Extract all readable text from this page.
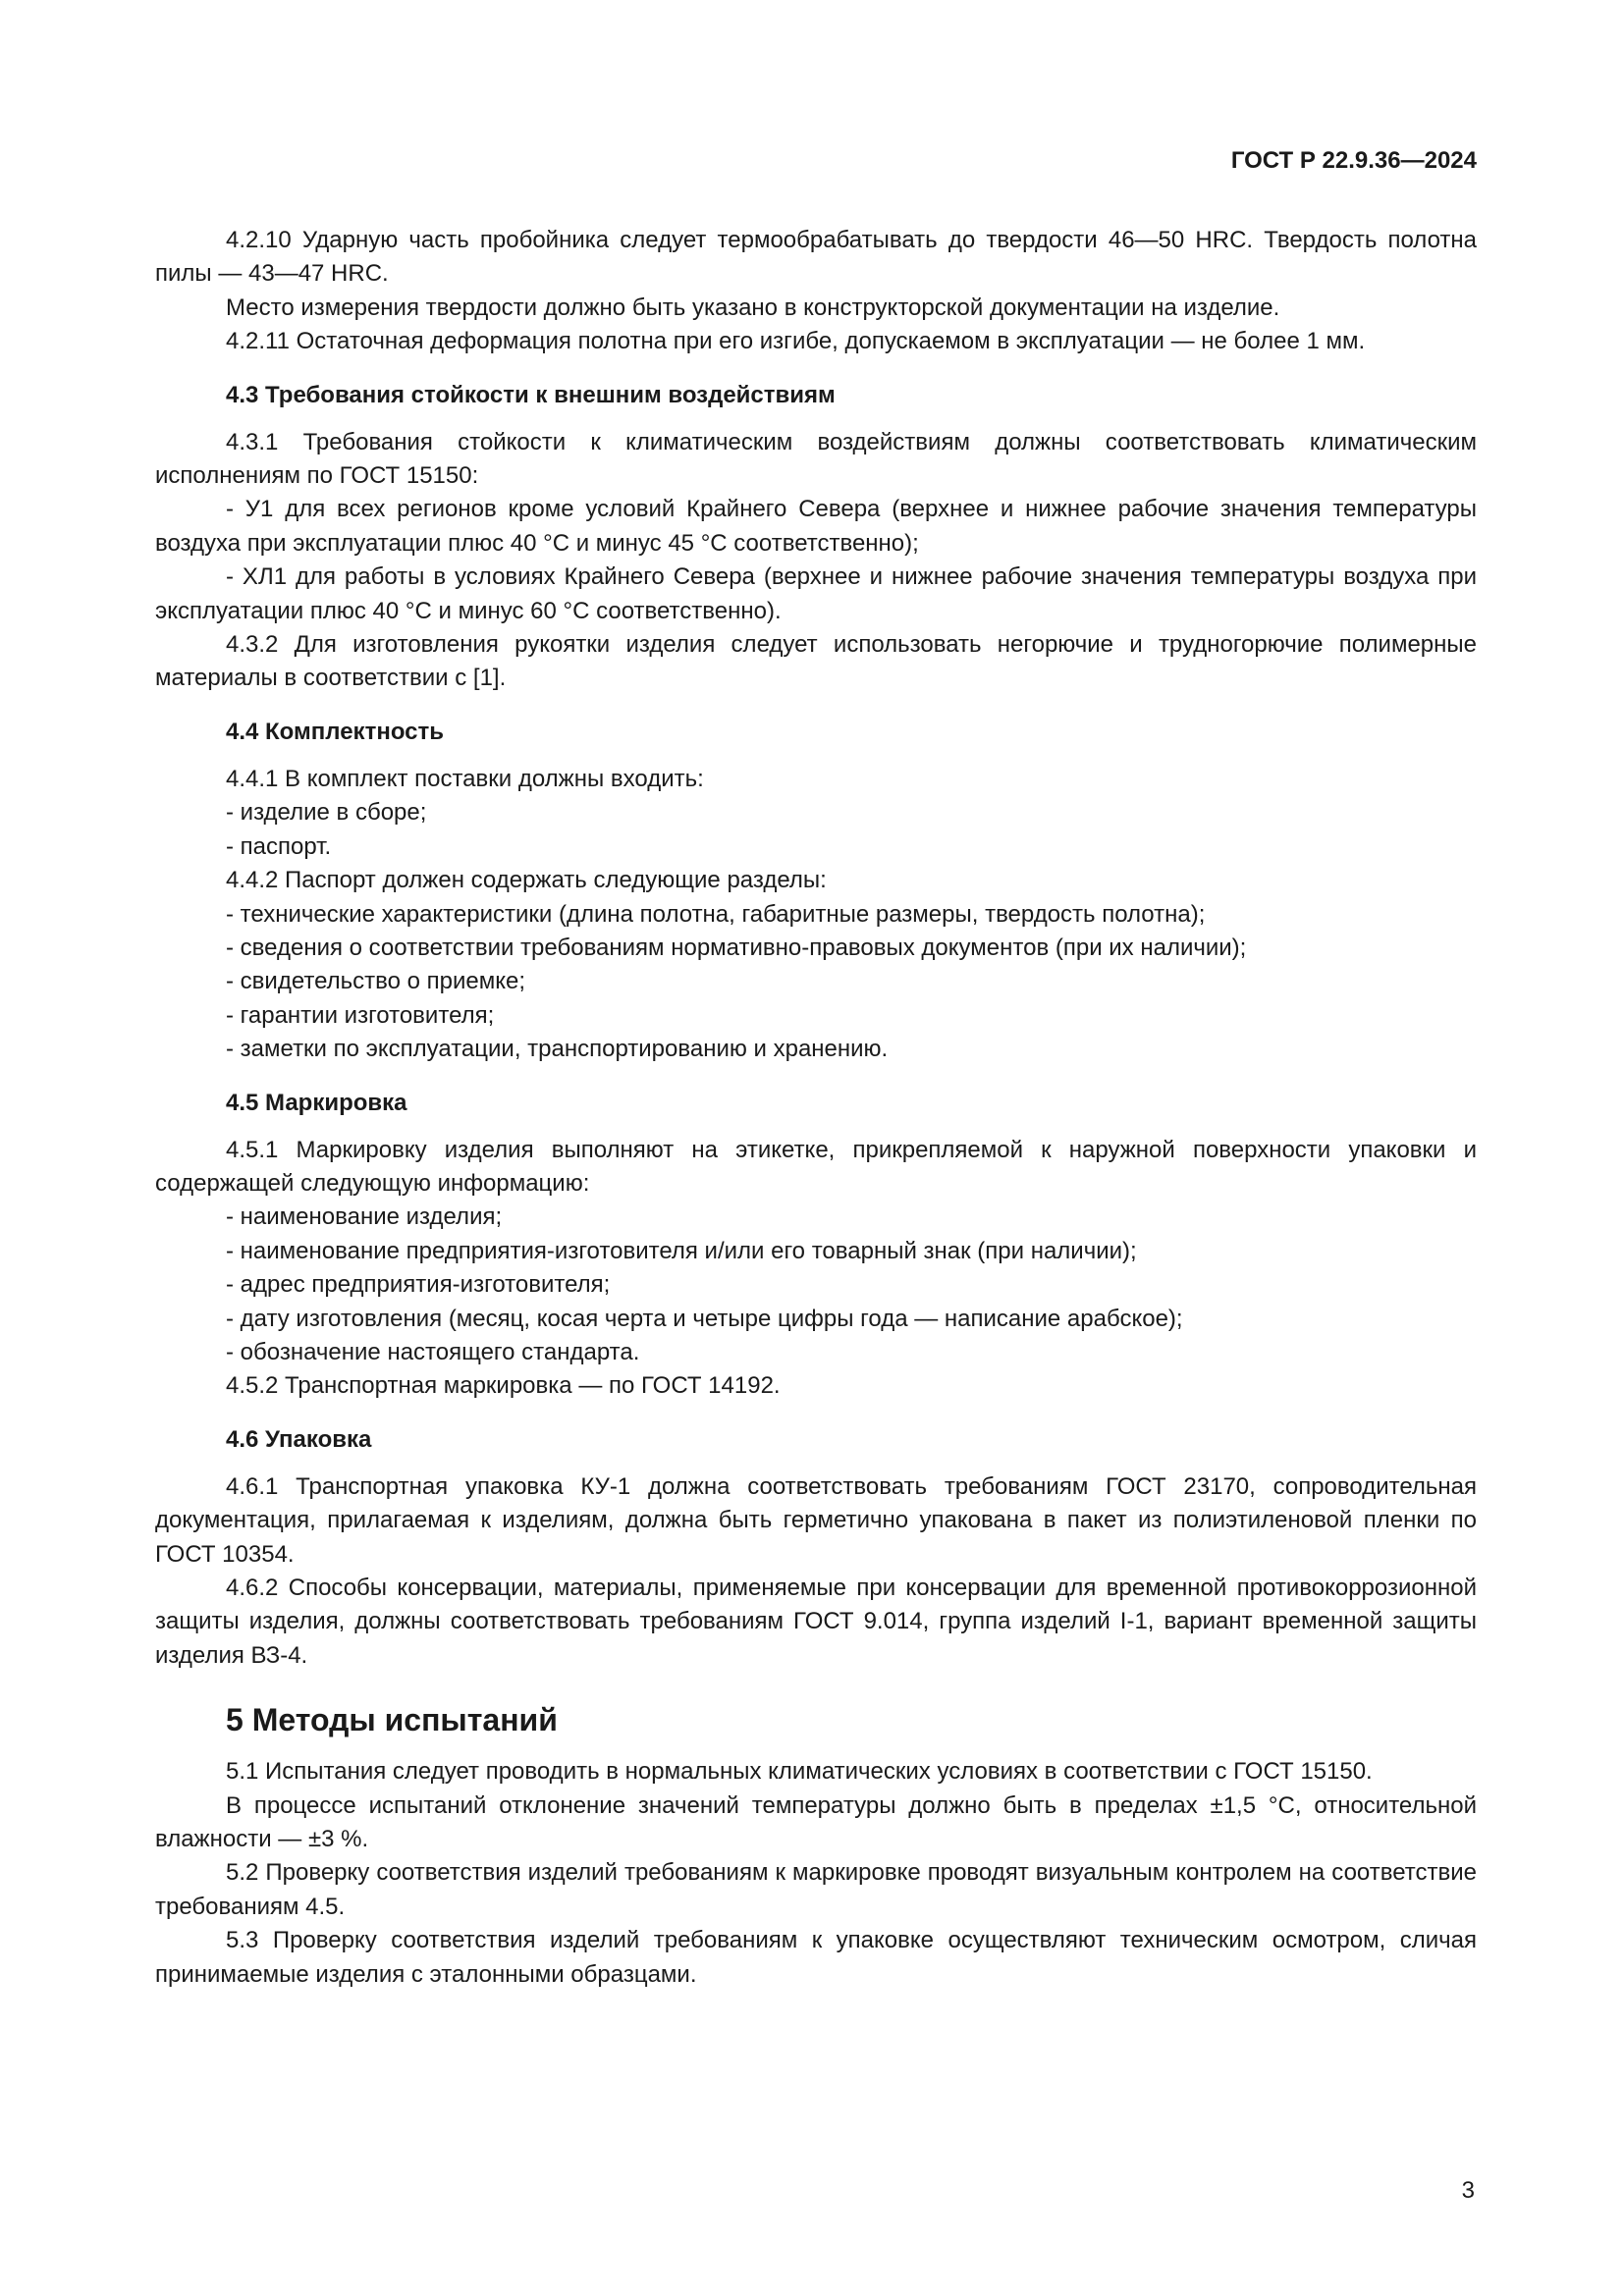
ГОСТ Р 22.9.36—2024

4.2.10 Ударную часть пробойника следует термообрабатывать до твердости 46—50 HRC. Твердость полотна пилы — 43—47 HRC.

Место измерения твердости должно быть указано в конструкторской документации на изделие.

4.2.11 Остаточная деформация полотна при его изгибе, допускаемом в эксплуатации — не более 1 мм.

4.3 Требования стойкости к внешним воздействиям

4.3.1 Требования стойкости к климатическим воздействиям должны соответствовать климатическим исполнениям по ГОСТ 15150:

- У1 для всех регионов кроме условий Крайнего Севера (верхнее и нижнее рабочие значения температуры воздуха при эксплуатации плюс 40 °С и минус 45 °С соответственно);

- ХЛ1 для работы в условиях Крайнего Севера (верхнее и нижнее рабочие значения температуры воздуха при эксплуатации плюс 40 °С и минус 60 °С соответственно).

4.3.2 Для изготовления рукоятки изделия следует использовать негорючие и трудногорючие полимерные материалы в соответствии с [1].

4.4 Комплектность

4.4.1 В комплект поставки должны входить:

- изделие в сборе;

- паспорт.

4.4.2 Паспорт должен содержать следующие разделы:

- технические характеристики (длина полотна, габаритные размеры, твердость полотна);

- сведения о соответствии требованиям нормативно-правовых документов (при их наличии);

- свидетельство о приемке;

- гарантии изготовителя;

- заметки по эксплуатации, транспортированию и хранению.

4.5 Маркировка

4.5.1 Маркировку изделия выполняют на этикетке, прикрепляемой к наружной поверхности упаковки и содержащей следующую информацию:

- наименование изделия;

- наименование предприятия-изготовителя и/или его товарный знак (при наличии);

- адрес предприятия-изготовителя;

- дату изготовления (месяц, косая черта и четыре цифры года — написание арабское);

- обозначение настоящего стандарта.

4.5.2 Транспортная маркировка — по ГОСТ 14192.

4.6 Упаковка

4.6.1 Транспортная упаковка КУ-1 должна соответствовать требованиям ГОСТ 23170, сопроводительная документация, прилагаемая к изделиям, должна быть герметично упакована в пакет из полиэтиленовой пленки по ГОСТ 10354.

4.6.2 Способы консервации, материалы, применяемые при консервации для временной противокоррозионной защиты изделия, должны соответствовать требованиям ГОСТ 9.014, группа изделий I-1, вариант временной защиты изделия ВЗ-4.

5 Методы испытаний

5.1 Испытания следует проводить в нормальных климатических условиях в соответствии с ГОСТ 15150.

В процессе испытаний отклонение значений температуры должно быть в пределах ±1,5 °С, относительной влажности — ±3 %.

5.2 Проверку соответствия изделий требованиям к маркировке проводят визуальным контролем на соответствие требованиям 4.5.

5.3 Проверку соответствия изделий требованиям к упаковке осуществляют техническим осмотром, сличая принимаемые изделия с эталонными образцами.

3
